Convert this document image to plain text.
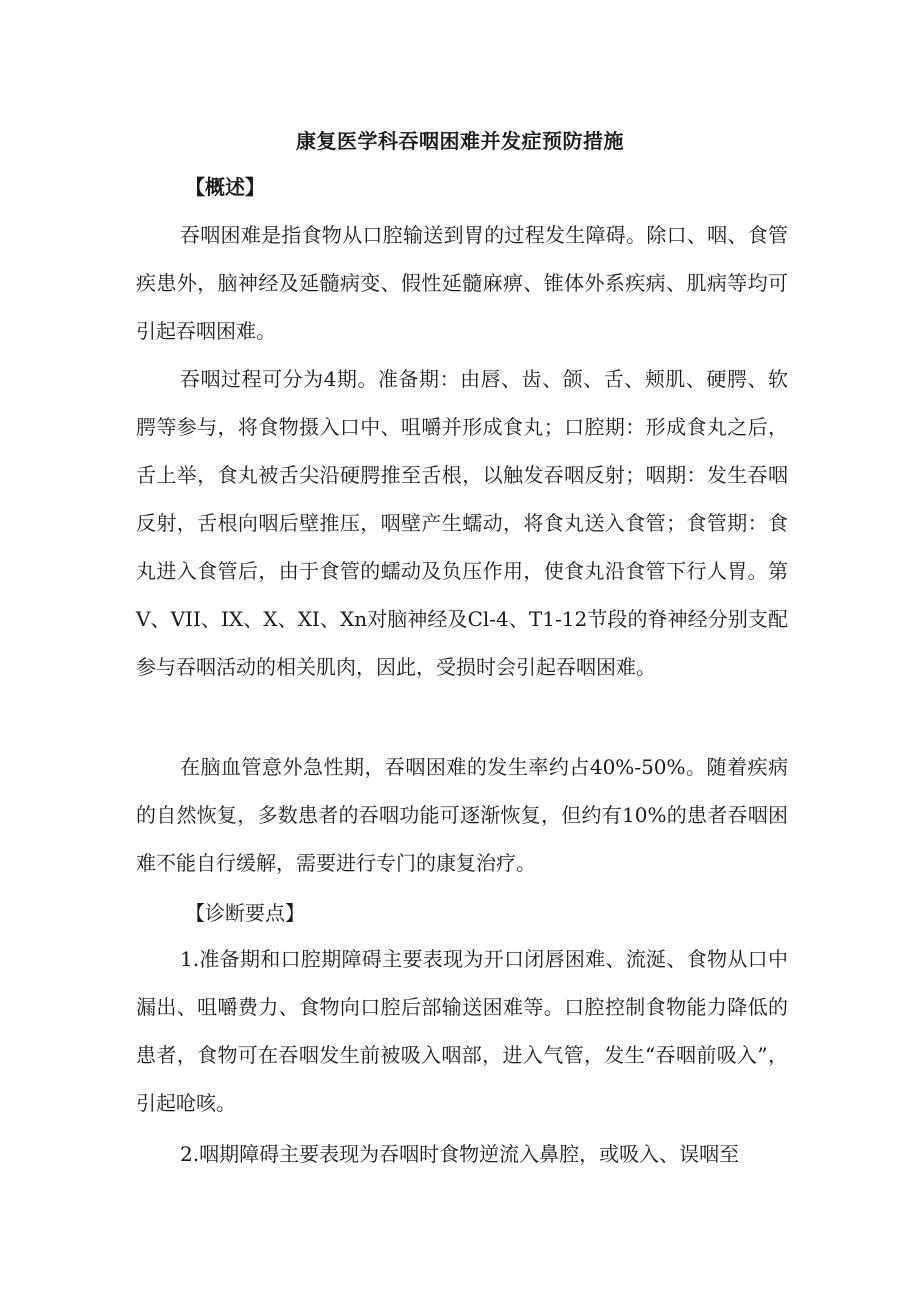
康复医学科吞咽困难并发症预防措施
【概述】

吞咽困难是指食物从口腔输送到胃的过程发生障碍。除口、咽、食管疾患外，脑神经及延髓病变、假性延髓麻痹、锥体外系疾病、肌病等均可引起吞咽困难。

吞咽过程可分为4期。准备期：由唇、齿、颌、舌、颊肌、硬腭、软腭等参与，将食物摄入口中、咀嚼并形成食丸；口腔期：形成食丸之后，舌上举，食丸被舌尖沿硬腭推至舌根，以触发吞咽反射；咽期：发生吞咽反射，舌根向咽后壁推压，咽壁产生蠕动，将食丸送入食管；食管期：食丸进入食管后，由于食管的蠕动及负压作用，使食丸沿食管下行人胃。第V、VII、IX、X、XI、Xn对脑神经及Cl-4、T1-12节段的脊神经分别支配参与吞咽活动的相关肌肉，因此，受损时会引起吞咽困难。

在脑血管意外急性期，吞咽困难的发生率约占40%-50%。随着疾病的自然恢复，多数患者的吞咽功能可逐渐恢复，但约有10%的患者吞咽困难不能自行缓解，需要进行专门的康复治疗。

【诊断要点】

1.准备期和口腔期障碍主要表现为开口闭唇困难、流涎、食物从口中漏出、咀嚼费力、食物向口腔后部输送困难等。口腔控制食物能力降低的患者，食物可在吞咽发生前被吸入咽部，进入气管，发生“吞咽前吸入”，引起呛咳。

2.咽期障碍主要表现为吞咽时食物逆流入鼻腔，或吸入、误咽至
